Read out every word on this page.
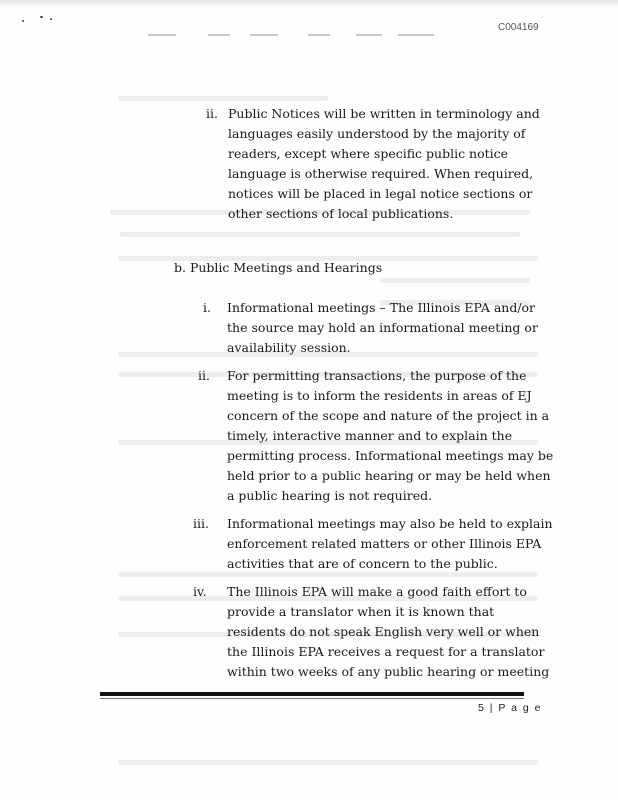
C004169
ii. Public Notices will be written in terminology and
languages easily understood by the majority of
readers, except where specific public notice
language is otherwise required. When required,
notices will be placed in legal notice sections or
other sections of local publications.
b. Public Meetings and Hearings
i. Informational meetings – The Illinois EPA and/or
the source may hold an informational meeting or
availability session.
ii. For permitting transactions, the purpose of the
meeting is to inform the residents in areas of EJ
concern of the scope and nature of the project in a
timely, interactive manner and to explain the
permitting process. Informational meetings may be
held prior to a public hearing or may be held when
a public hearing is not required.
iii. Informational meetings may also be held to explain
enforcement related matters or other Illinois EPA
activities that are of concern to the public.
iv. The Illinois EPA will make a good faith effort to
provide a translator when it is known that
residents do not speak English very well or when
the Illinois EPA receives a request for a translator
within two weeks of any public hearing or meeting
5 | P a g e
